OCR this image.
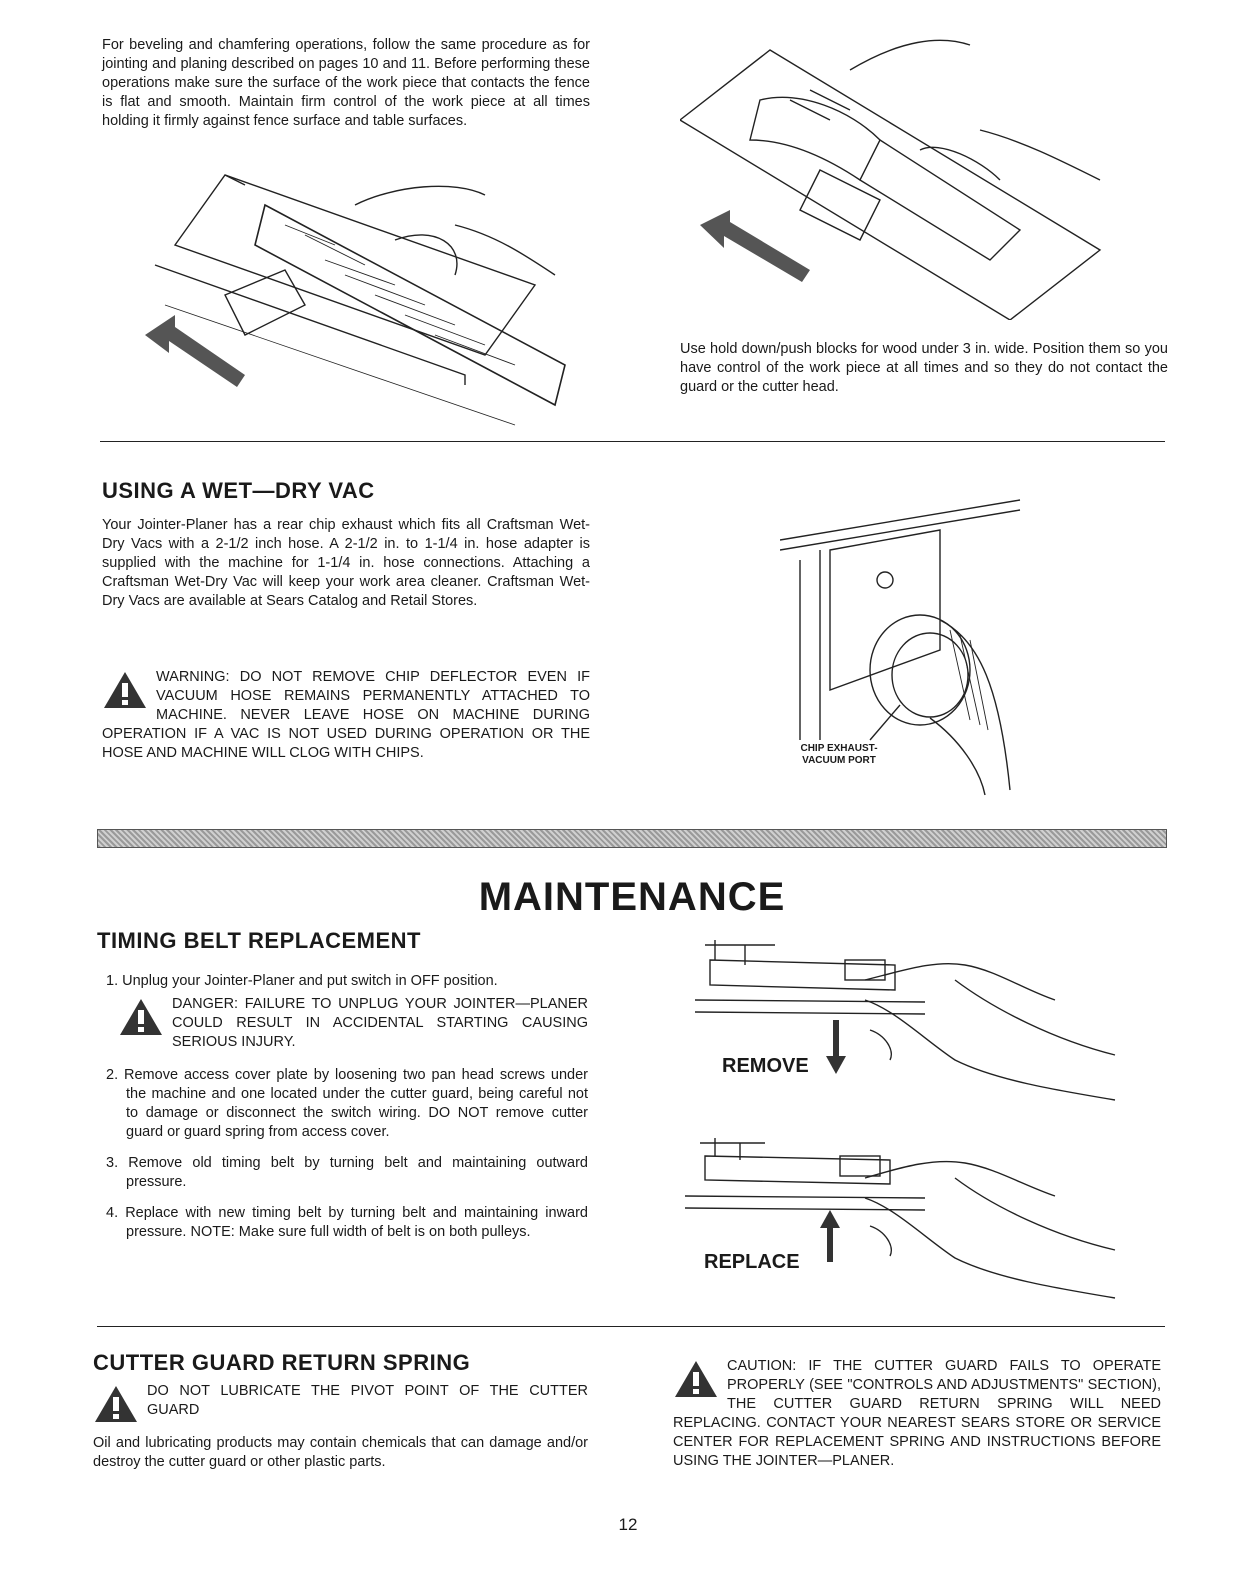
For beveling and chamfering operations, follow the same procedure as for jointing and planing described on pages 10 and 11. Before performing these operations make sure the surface of the work piece that contacts the fence is flat and smooth. Maintain firm control of the work piece at all times holding it firmly against fence surface and table surfaces.
Use hold down/push blocks for wood under 3 in. wide. Position them so you have control of the work piece at all times and so they do not contact the guard or the cutter head.
USING A WET—DRY VAC
Your Jointer-Planer has a rear chip exhaust which fits all Craftsman Wet-Dry Vacs with a 2-1/2 inch hose. A 2-1/2 in. to 1-1/4 in. hose adapter is supplied with the machine for 1-1/4 in. hose connections. Attaching a Craftsman Wet-Dry Vac will keep your work area cleaner. Craftsman Wet-Dry Vacs are available at Sears Catalog and Retail Stores.
WARNING: DO NOT REMOVE CHIP DEFLECTOR EVEN IF VACUUM HOSE REMAINS PERMANENTLY ATTACHED TO MACHINE. NEVER LEAVE HOSE ON MACHINE DURING OPERATION IF A VAC IS NOT USED DURING OPERATION OR THE HOSE AND MACHINE WILL CLOG WITH CHIPS.	CHIP EXHAUST-
VACUUM PORT
MAINTENANCE
TIMING BELT REPLACEMENT
1. Unplug your Jointer-Planer and put switch in OFF position.
DANGER: FAILURE TO UNPLUG YOUR JOINTER—PLANER COULD RESULT IN ACCIDENTAL STARTING CAUSING SERIOUS INJURY.
2. Remove access cover plate by loosening two pan head screws under the machine and one located under the cutter guard, being careful not to damage or disconnect the switch wiring. DO NOT remove cutter guard or guard spring from access cover.
3. Remove old timing belt by turning belt and maintaining outward pressure.
4. Replace with new timing belt by turning belt and maintaining inward pressure. NOTE: Make sure full width of belt is on both pulleys.
REMOVE
REPLACE
CUTTER GUARD RETURN SPRING
DO NOT LUBRICATE THE PIVOT POINT OF THE CUTTER GUARD
Oil and lubricating products may contain chemicals that can damage and/or destroy the cutter guard or other plastic parts.
CAUTION: IF THE CUTTER GUARD FAILS TO OPERATE PROPERLY (SEE "CONTROLS AND ADJUSTMENTS" SECTION), THE CUTTER GUARD RETURN SPRING WILL NEED REPLACING. CONTACT YOUR NEAREST SEARS STORE OR SERVICE CENTER FOR REPLACEMENT SPRING AND INSTRUCTIONS BEFORE USING THE JOINTER—PLANER.
12
